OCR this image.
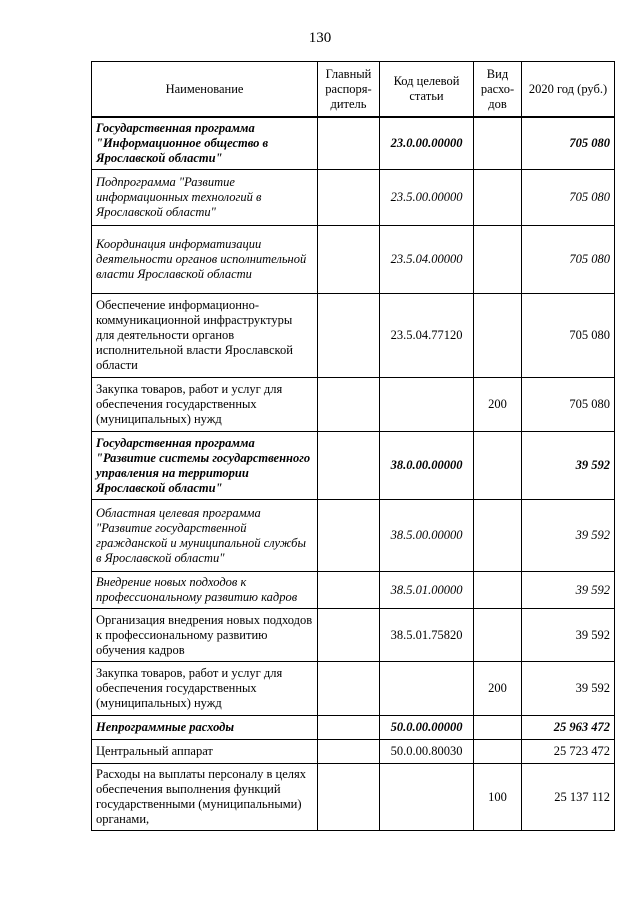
130
Наименование	Главный распоря-дитель	Код целевой статьи	Вид расхо-дов	2020 год (руб.)
Государственная программа "Информационное общество в Ярославской области"		23.0.00.00000		705 080
Подпрограмма "Развитие информационных технологий в Ярославской области"		23.5.00.00000		705 080
Координация информатизации деятельности органов исполнительной власти Ярославской области		23.5.04.00000		705 080
Обеспечение информационно-коммуникационной инфраструктуры для деятельности органов исполнительной власти Ярославской области		23.5.04.77120		705 080
Закупка товаров, работ и услуг для обеспечения государственных (муниципальных) нужд			200	705 080
Государственная программа "Развитие системы государственного управления на территории Ярославской области"		38.0.00.00000		39 592
Областная целевая программа "Развитие государственной гражданской и муниципальной службы в Ярославской области"		38.5.00.00000		39 592
Внедрение новых подходов к профессиональному развитию кадров		38.5.01.00000		39 592
Организация внедрения новых подходов к профессиональному развитию обучения кадров		38.5.01.75820		39 592
Закупка товаров, работ и услуг для обеспечения государственных (муниципальных) нужд			200	39 592
Непрограммные расходы		50.0.00.00000		25 963 472
Центральный аппарат		50.0.00.80030		25 723 472
Расходы на выплаты персоналу в целях обеспечения выполнения функций государственными (муниципальными) органами,			100	25 137 112
